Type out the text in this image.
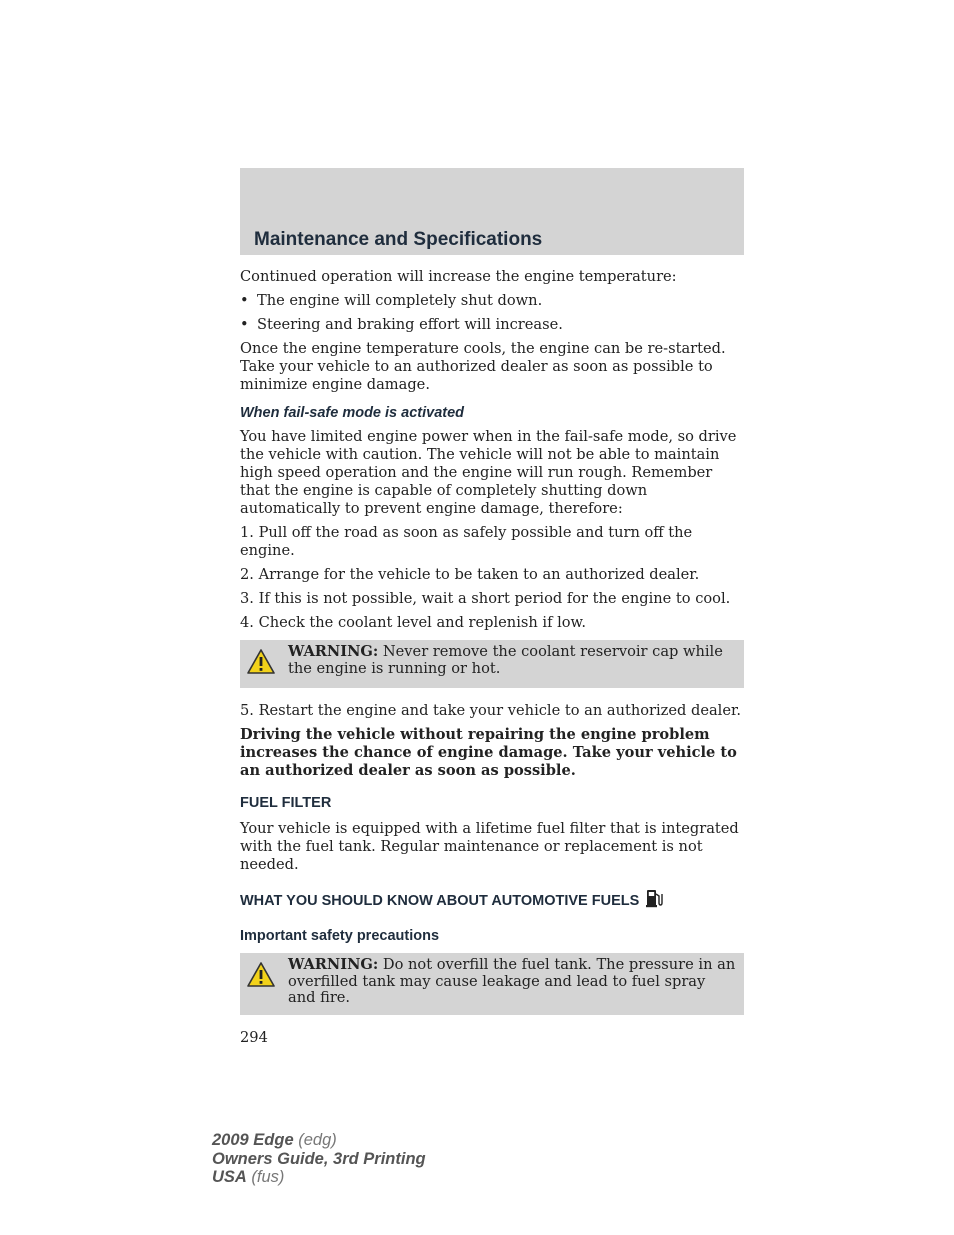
Maintenance and Specifications

Continued operation will increase the engine temperature:

• The engine will completely shut down.
• Steering and braking effort will increase.

Once the engine temperature cools, the engine can be re-started. Take your vehicle to an authorized dealer as soon as possible to minimize engine damage.

When fail-safe mode is activated

You have limited engine power when in the fail-safe mode, so drive the vehicle with caution. The vehicle will not be able to maintain high speed operation and the engine will run rough. Remember that the engine is capable of completely shutting down automatically to prevent engine damage, therefore:

1. Pull off the road as soon as safely possible and turn off the engine.

2. Arrange for the vehicle to be taken to an authorized dealer.

3. If this is not possible, wait a short period for the engine to cool.

4. Check the coolant level and replenish if low.

WARNING: Never remove the coolant reservoir cap while the engine is running or hot.

5. Restart the engine and take your vehicle to an authorized dealer.

Driving the vehicle without repairing the engine problem increases the chance of engine damage. Take your vehicle to an authorized dealer as soon as possible.

FUEL FILTER

Your vehicle is equipped with a lifetime fuel filter that is integrated with the fuel tank. Regular maintenance or replacement is not needed.

WHAT YOU SHOULD KNOW ABOUT AUTOMOTIVE FUELS
Important safety precautions
WARNING: Do not overfill the fuel tank. The pressure in an overfilled tank may cause leakage and lead to fuel spray and fire.

294

2009 Edge (edg)
Owners Guide, 3rd Printing
USA (fus)
